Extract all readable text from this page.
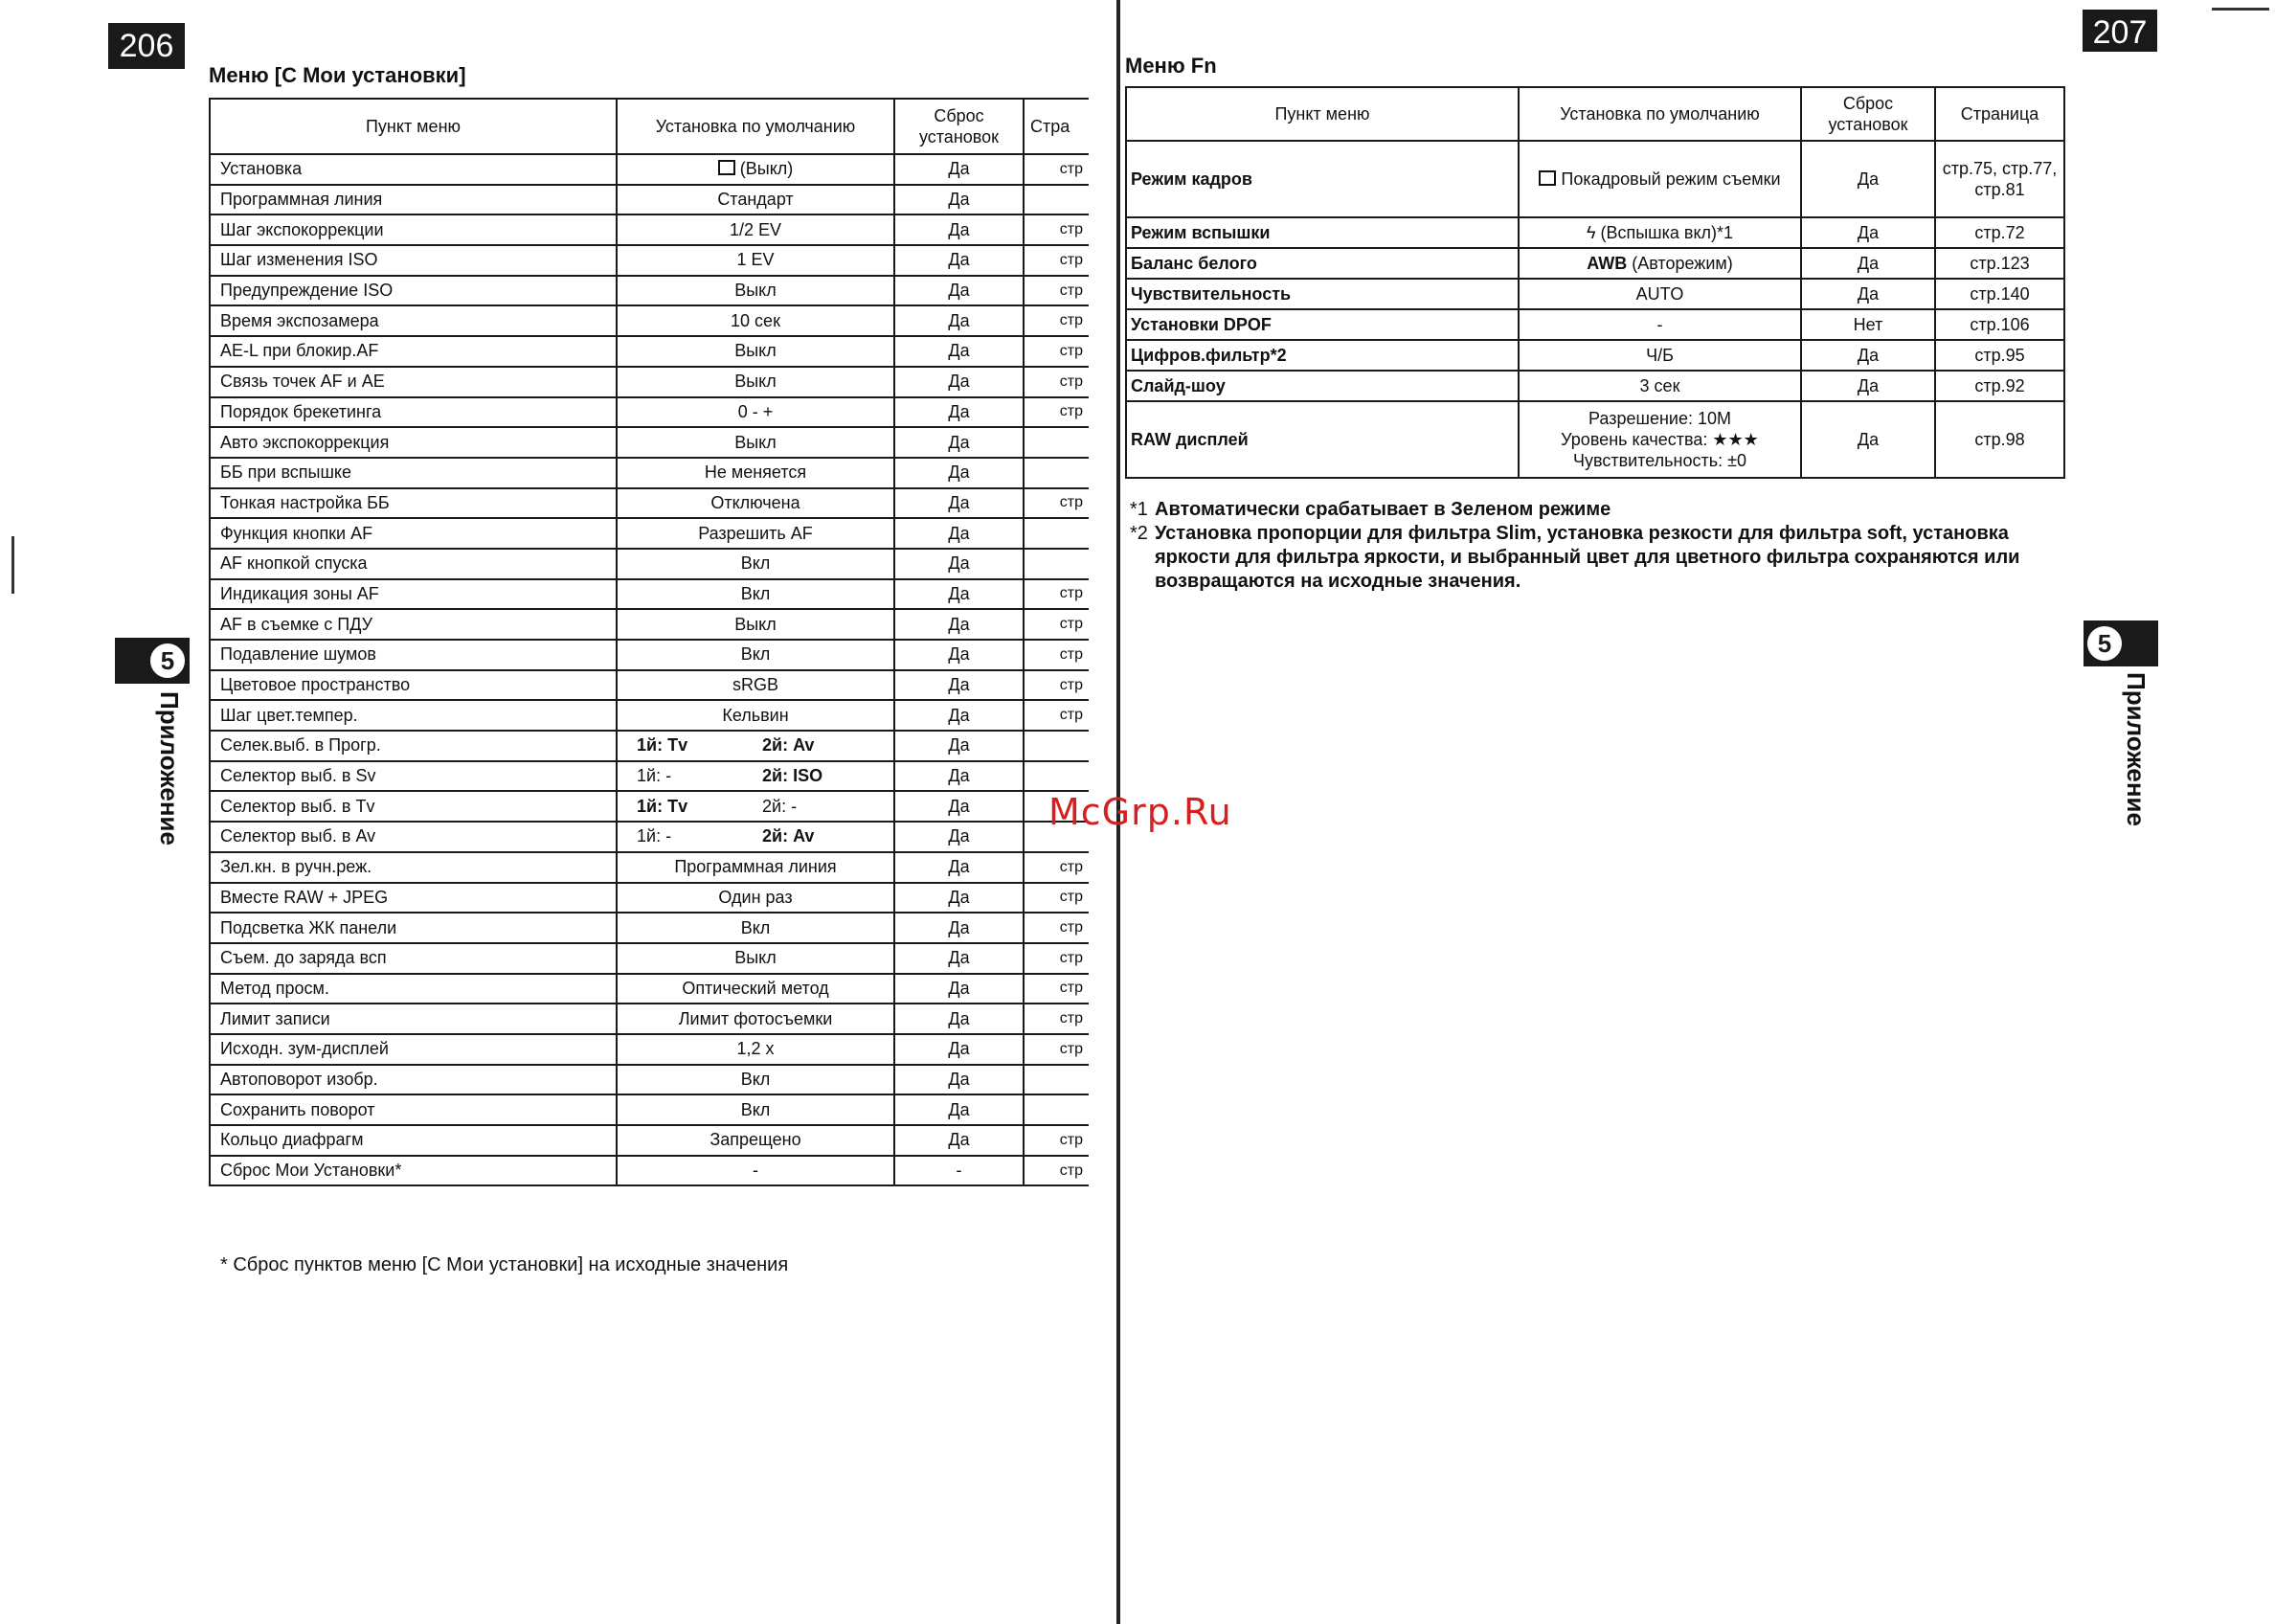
206	207
Меню [C Мои установки]	Меню Fn
Пункт меню	Установка по умолчанию	Сброс установок	Стра
Установка	(Выкл)	Да	стр
Программная линия	Стандарт	Да	
Шаг экспокоррекции	1/2 EV	Да	стр
Шаг изменения ISO	1 EV	Да	стр
Предупреждение ISO	Выкл	Да	стр
Время экспозамера	10 сек	Да	стр
AE-L при блокир.AF	Выкл	Да	стр
Связь точек AF и AE	Выкл	Да	стр
Порядок брекетинга	0 - +	Да	стр
Авто экспокоррекция	Выкл	Да	
ББ при вспышке	Не меняется	Да	
Тонкая настройка ББ	Отключена	Да	стр
Функция кнопки AF	Разрешить AF	Да	
AF кнопкой спуска	Вкл	Да	
Индикация зоны AF	Вкл	Да	стр
AF в съемке с ПДУ	Выкл	Да	стр
Подавление шумов	Вкл	Да	стр
Цветовое пространство	sRGB	Да	стр
Шаг цвет.темпер.	Кельвин	Да	стр
Селек.выб. в Прогр.	1й: Tv 2й: Av	Да	
Селектор выб. в Sv	1й: - 2й: ISO	Да	
Селектор выб. в Tv	1й: Tv 2й: -	Да	
Селектор выб. в Av	1й: - 2й: Av	Да	
Зел.кн. в ручн.реж.	Программная линия	Да	стр
Вместе RAW + JPEG	Один раз	Да	стр
Подсветка ЖК панели	Вкл	Да	стр
Съем. до заряда всп	Выкл	Да	стр
Метод просм.	Оптический метод	Да	стр
Лимит записи	Лимит фотосъемки	Да	стр
Исходн. зум-дисплей	1,2 x	Да	стр
Автоповорот изобр.	Вкл	Да	
Сохранить поворот	Вкл	Да	
Кольцо диафрагм	Запрещено	Да	стр
Сброс Мои Установки*	-	-	стр
* Сброс пунктов меню [C Мои установки] на исходные значения
Пункт меню	Установка по умолчанию	Сброс установок	Страница
Режим кадров	Покадровый режим съемки	Да	стр.75, стр.77, стр.81
Режим вспышки	ϟ (Вспышка вкл)*1	Да	стр.72
Баланс белого	AWB (Авторежим)	Да	стр.123
Чувствительность	AUTO	Да	стр.140
Установки DPOF	-	Нет	стр.106
Цифров.фильтр*2	Ч/Б	Да	стр.95
Слайд-шоу	3 сек	Да	стр.92
RAW дисплей	Разрешение: 10M
Уровень качества: ★★★
Чувствительность: ±0	Да	стр.98
*1 Автоматически срабатывает в Зеленом режиме
*2 Установка пропорции для фильтра Slim, установка резкости для фильтра soft, установка яркости для фильтра яркости, и выбранный цвет для цветного фильтра сохраняются или возвращаются на исходные значения.
5
Приложение
5
Приложение
McGrp.Ru
